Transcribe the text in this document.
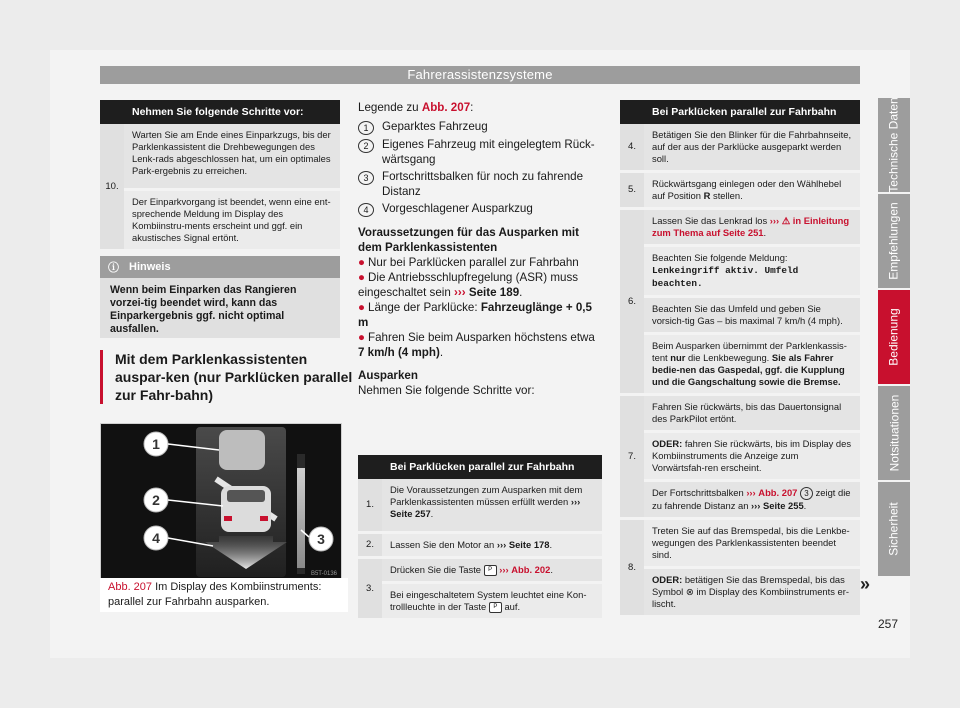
Fahrerassistenzsysteme
Technische Daten
Empfehlungen
Bedienung
Notsituationen
Sicherheit
257
	Nehmen Sie folgende Schritte vor:
10.	Warten Sie am Ende eines Einparkzugs, bis der Parklenkassistent die Drehbewegungen des Lenk-rads abgeschlossen hat, um ein optimales Park-ergebnis zu erreichen.
	Der Einparkvorgang ist beendet, wenn eine ent-sprechende Meldung im Display des Kombiinstru-ments erscheint und ggf. ein akustisches Signal ertönt.
ⓘ Hinweis
Wenn beim Einparken das Rangieren vorzei-tig beendet wird, kann das Einparkergebnis ggf. nicht optimal ausfallen.
Mit dem Parklenkassistenten auspar-ken (nur Parklücken parallel zur Fahr-bahn)
1
2
3
4
B5T-0136
Abb. 207 Im Display des Kombiinstruments: parallel zur Fahrbahn ausparken.
Legende zu Abb. 207:
1	Geparktes Fahrzeug
2	Eigenes Fahrzeug mit eingelegtem Rück-wärtsgang
3	Fortschrittsbalken für noch zu fahrende Distanz
4	Vorgeschlagener Ausparkzug
Voraussetzungen für das Ausparken mit dem Parklenkassistenten
● Nur bei Parklücken parallel zur Fahrbahn
● Die Antriebsschlupfregelung (ASR) muss eingeschaltet sein ››› Seite 189.
● Länge der Parklücke: Fahrzeuglänge + 0,5 m
● Fahren Sie beim Ausparken höchstens etwa 7 km/h (4 mph).
Ausparken
Nehmen Sie folgende Schritte vor:
	Bei Parklücken parallel zur Fahrbahn
1.	Die Voraussetzungen zum Ausparken mit dem Parklenkassistenten müssen erfüllt werden ››› Seite 257.
2.	Lassen Sie den Motor an ››› Seite 178.
3.	Drücken Sie die Taste P ››› Abb. 202.
	Bei eingeschaltetem System leuchtet eine Kon-trollleuchte in der Taste P auf.
	Bei Parklücken parallel zur Fahrbahn
4.	Betätigen Sie den Blinker für die Fahrbahnseite, auf der aus der Parklücke ausgeparkt werden soll.
5.	Rückwärtsgang einlegen oder den Wählhebel auf Position R stellen.
6.	Lassen Sie das Lenkrad los ››› ⚠ in Einleitung zum Thema auf Seite 251.
	Beachten Sie folgende Meldung: Lenkeingriff aktiv. Umfeld beachten.
	Beachten Sie das Umfeld und geben Sie vorsich-tig Gas – bis maximal 7 km/h (4 mph).
	Beim Ausparken übernimmt der Parklenkassis-tent nur die Lenkbewegung. Sie als Fahrer bedie-nen das Gaspedal, ggf. die Kupplung und die Gangschaltung sowie die Bremse.
7.	Fahren Sie rückwärts, bis das Dauertonsignal des ParkPilot ertönt.
	ODER: fahren Sie rückwärts, bis im Display des Kombiinstruments die Anzeige zum Vorwärtsfah-ren erscheint.
	Der Fortschrittsbalken ››› Abb. 207 3 zeigt die zu fahrende Distanz an ››› Seite 255.
8.	Treten Sie auf das Bremspedal, bis die Lenkbe-wegungen des Parklenkassistenten beendet sind.
	ODER: betätigen Sie das Bremspedal, bis das Symbol ⊗ im Display des Kombiinstruments er-lischt.
»
